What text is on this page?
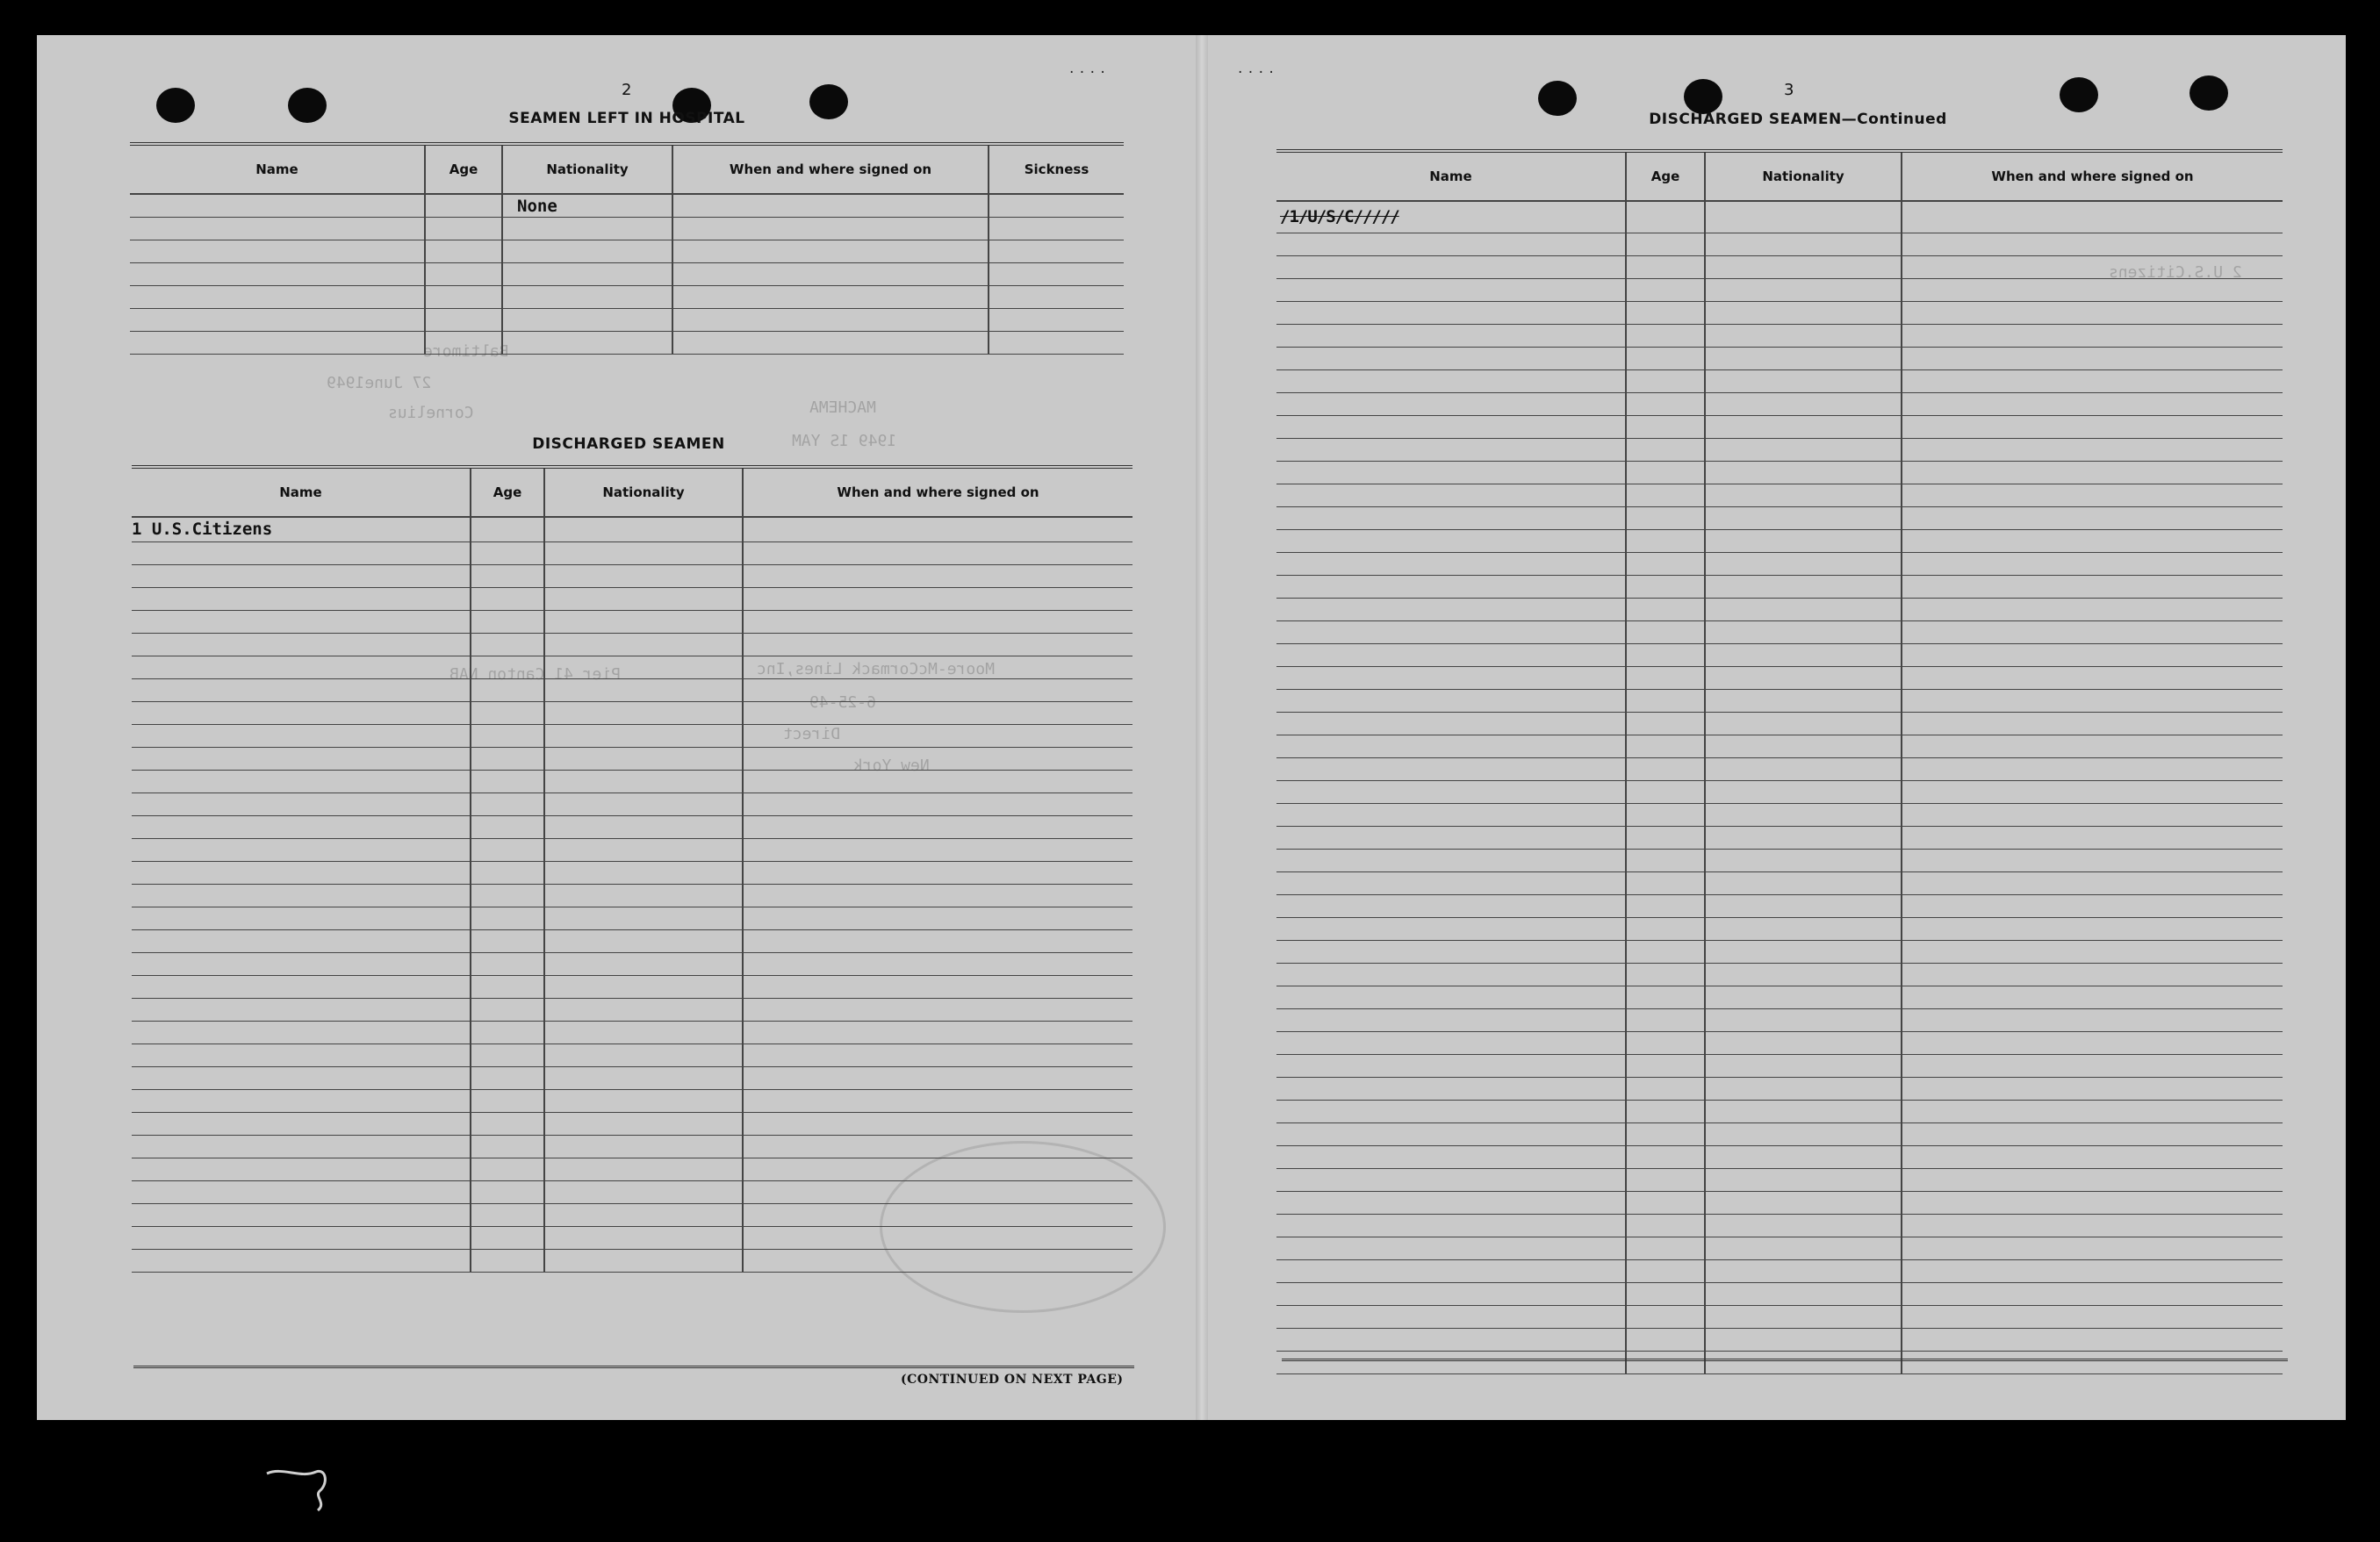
Baltimore
27 June1949
Cornelius	MACHEMA
1949 1S YAM
Moore-McCormack Lines,Inc
6-25-49
Direct
New York
Pier 41 Canton NAB
2 U.S.Citizens
. . . .	. . . .
2
SEAMEN LEFT IN HOSPITAL
Name	Age	Nationality	When and where signed on	Sickness
		None		

DISCHARGED SEAMEN
Name	Age	Nationality	When and where signed on
1 U.S.Citizens			

(CONTINUED ON NEXT PAGE)
3
DISCHARGED SEAMEN—Continued
Name	Age	Nationality	When and where signed on
/1/U/S/C/////			
